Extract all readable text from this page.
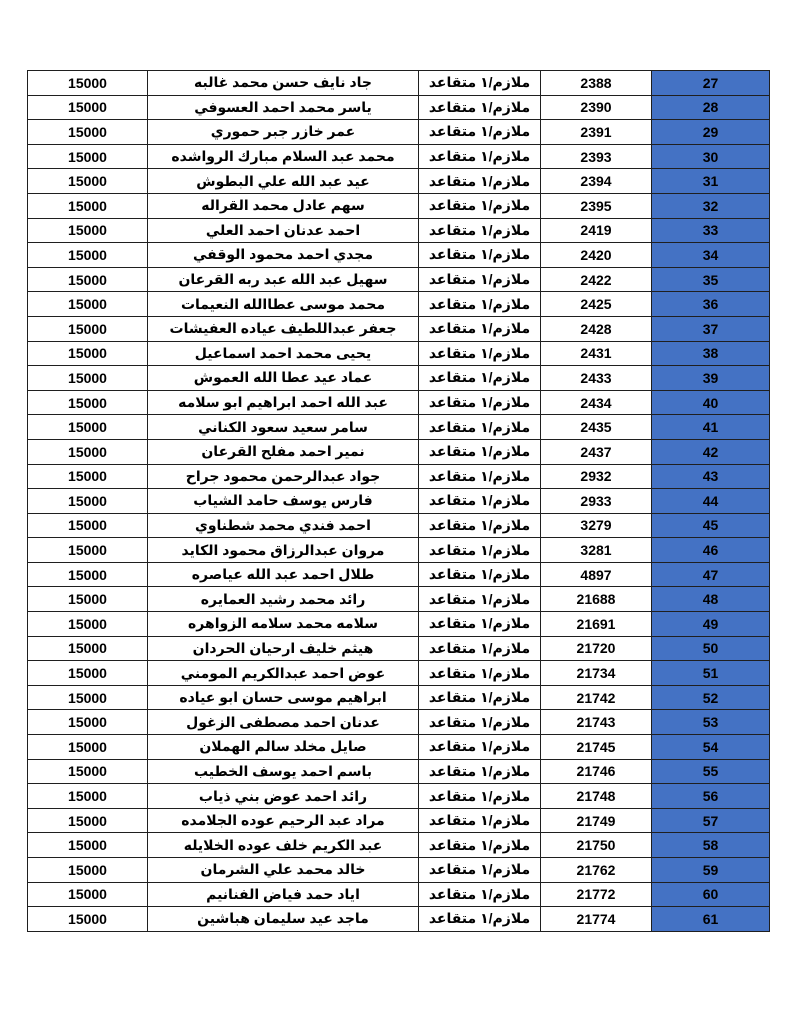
15000	جاد نايف حسن محمد غالبه	ملازم/١ متقاعد	2388	27
15000	ياسر محمد احمد العسوفي	ملازم/١ متقاعد	2390	28
15000	عمر خازر جبر حموري	ملازم/١ متقاعد	2391	29
15000	محمد عبد السلام مبارك الرواشده	ملازم/١ متقاعد	2393	30
15000	عيد عبد الله علي البطوش	ملازم/١ متقاعد	2394	31
15000	سهم عادل محمد القراله	ملازم/١ متقاعد	2395	32
15000	احمد عدنان احمد العلي	ملازم/١ متقاعد	2419	33
15000	مجدي احمد محمود الوقفي	ملازم/١ متقاعد	2420	34
15000	سهيل عبد الله عبد ربه القرعان	ملازم/١ متقاعد	2422	35
15000	محمد موسى عطاالله النعيمات	ملازم/١ متقاعد	2425	36
15000	جعفر عبداللطيف عياده العفيشات	ملازم/١ متقاعد	2428	37
15000	يحيى محمد احمد اسماعيل	ملازم/١ متقاعد	2431	38
15000	عماد عيد عطا الله العموش	ملازم/١ متقاعد	2433	39
15000	عبد الله احمد ابراهيم ابو سلامه	ملازم/١ متقاعد	2434	40
15000	سامر سعيد سعود الكناني	ملازم/١ متقاعد	2435	41
15000	نمير احمد مفلح القرعان	ملازم/١ متقاعد	2437	42
15000	جواد عبدالرحمن محمود جراح	ملازم/١ متقاعد	2932	43
15000	فارس يوسف حامد الشياب	ملازم/١ متقاعد	2933	44
15000	احمد فندي محمد شطناوي	ملازم/١ متقاعد	3279	45
15000	مروان عبدالرزاق محمود الكايد	ملازم/١ متقاعد	3281	46
15000	طلال احمد عبد الله عياصره	ملازم/١ متقاعد	4897	47
15000	رائد محمد رشيد العمايره	ملازم/١ متقاعد	21688	48
15000	سلامه محمد سلامه الزواهره	ملازم/١ متقاعد	21691	49
15000	هيثم خليف ارحيان الحردان	ملازم/١ متقاعد	21720	50
15000	عوض احمد عبدالكريم المومني	ملازم/١ متقاعد	21734	51
15000	ابراهيم موسى حسان ابو عياده	ملازم/١ متقاعد	21742	52
15000	عدنان احمد مصطفى الزغول	ملازم/١ متقاعد	21743	53
15000	صايل مخلد سالم الهملان	ملازم/١ متقاعد	21745	54
15000	باسم احمد يوسف الخطيب	ملازم/١ متقاعد	21746	55
15000	رائد احمد عوض بني ذياب	ملازم/١ متقاعد	21748	56
15000	مراد عبد الرحيم عوده الجلامده	ملازم/١ متقاعد	21749	57
15000	عبد الكريم خلف عوده الخلايله	ملازم/١ متقاعد	21750	58
15000	خالد محمد علي الشرمان	ملازم/١ متقاعد	21762	59
15000	اياد حمد فياض الفنانيم	ملازم/١ متقاعد	21772	60
15000	ماجد عيد سليمان هباشين	ملازم/١ متقاعد	21774	61
